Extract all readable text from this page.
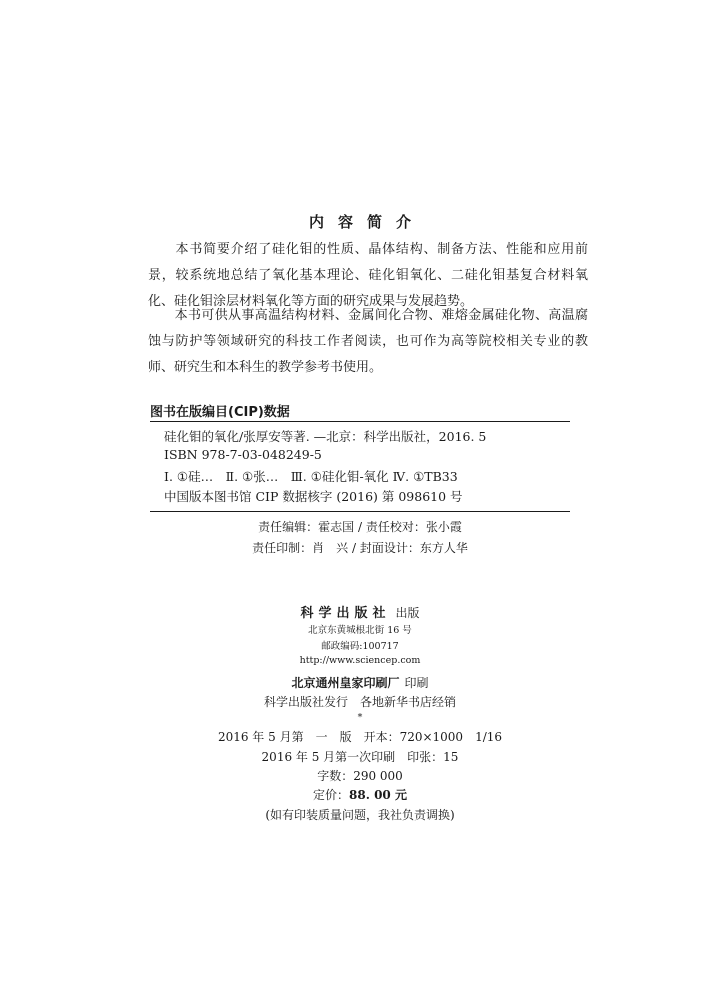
内容简介

　　本书简要介绍了硅化钼的性质、晶体结构、制备方法、性能和应用前景，较系统地总结了氧化基本理论、硅化钼氧化、二硅化钼基复合材料氧化、硅化钼涂层材料氧化等方面的研究成果与发展趋势。

　　本书可供从事高温结构材料、金属间化合物、难熔金属硅化物、高温腐蚀与防护等领域研究的科技工作者阅读，也可作为高等院校相关专业的教师、研究生和本科生的教学参考书使用。

图书在版编目(CIP)数据
硅化钼的氧化/张厚安等著. —北京：科学出版社，2016. 5
ISBN 978-7-03-048249-5
Ⅰ. ①硅…　Ⅱ. ①张…　Ⅲ. ①硅化钼-氧化 Ⅳ. ①TB33
中国版本图书馆 CIP 数据核字 (2016) 第 098610 号
责任编辑：霍志国 / 责任校对：张小霞
责任印制：肖　兴 / 封面设计：东方人华
科学出版社 出版
北京东黄城根北街 16 号
邮政编码:100717
http://www.sciencep.com
北京通州皇家印刷厂 印刷
科学出版社发行　各地新华书店经销
*
2016 年 5 月第　一　版　开本：720×1000　1/16
2016 年 5 月第一次印刷　印张：15
字数：290 000
定价：88. 00 元
(如有印装质量问题，我社负责调换)
